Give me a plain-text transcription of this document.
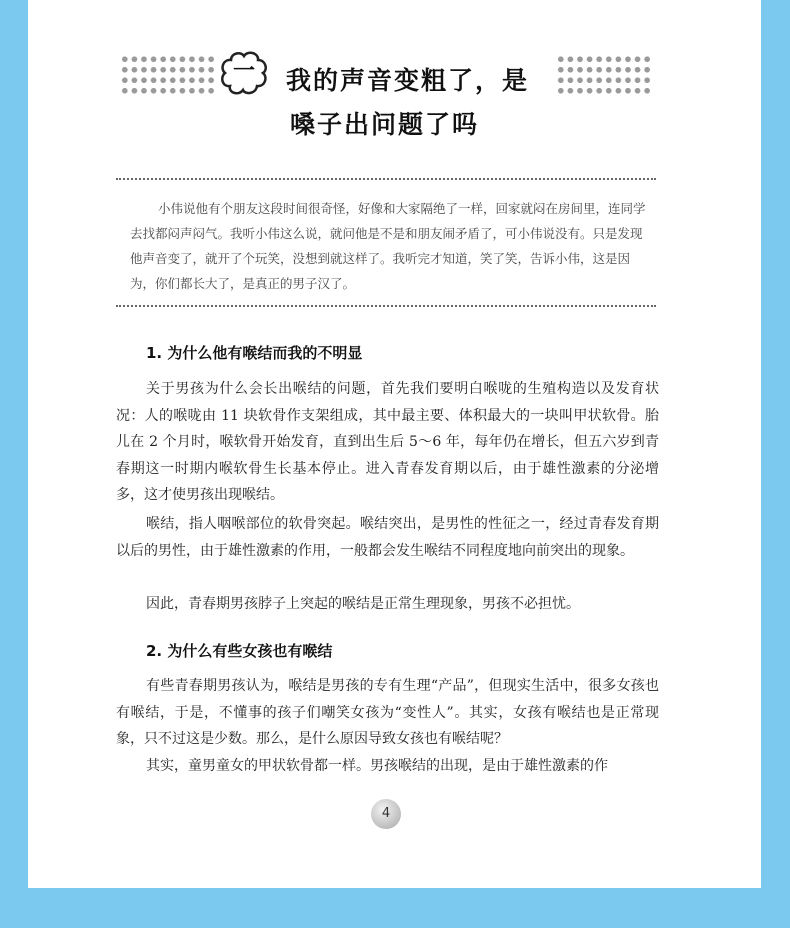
一	我的声音变粗了，是
嗓子出问题了吗

小伟说他有个朋友这段时间很奇怪，好像和大家隔绝了一样，回家就闷在房间里，连同学去找都闷声闷气。我听小伟这么说，就问他是不是和朋友闹矛盾了，可小伟说没有。只是发现他声音变了，就开了个玩笑，没想到就这样了。我听完才知道，笑了笑，告诉小伟，这是因为，你们都长大了，是真正的男子汉了。

1. 为什么他有喉结而我的不明显

关于男孩为什么会长出喉结的问题，首先我们要明白喉咙的生殖构造以及发育状况：人的喉咙由 11 块软骨作支架组成，其中最主要、体积最大的一块叫甲状软骨。胎儿在 2 个月时，喉软骨开始发育，直到出生后 5～6 年，每年仍在增长，但五六岁到青春期这一时期内喉软骨生长基本停止。进入青春发育期以后，由于雄性激素的分泌增多，这才使男孩出现喉结。

喉结，指人咽喉部位的软骨突起。喉结突出，是男性的性征之一，经过青春发育期以后的男性，由于雄性激素的作用，一般都会发生喉结不同程度地向前突出的现象。

因此，青春期男孩脖子上突起的喉结是正常生理现象，男孩不必担忧。

2. 为什么有些女孩也有喉结

有些青春期男孩认为，喉结是男孩的专有生理“产品”，但现实生活中，很多女孩也有喉结，于是，不懂事的孩子们嘲笑女孩为“变性人”。其实，女孩有喉结也是正常现象，只不过这是少数。那么，是什么原因导致女孩也有喉结呢？

其实，童男童女的甲状软骨都一样。男孩喉结的出现，是由于雄性激素的作

4
